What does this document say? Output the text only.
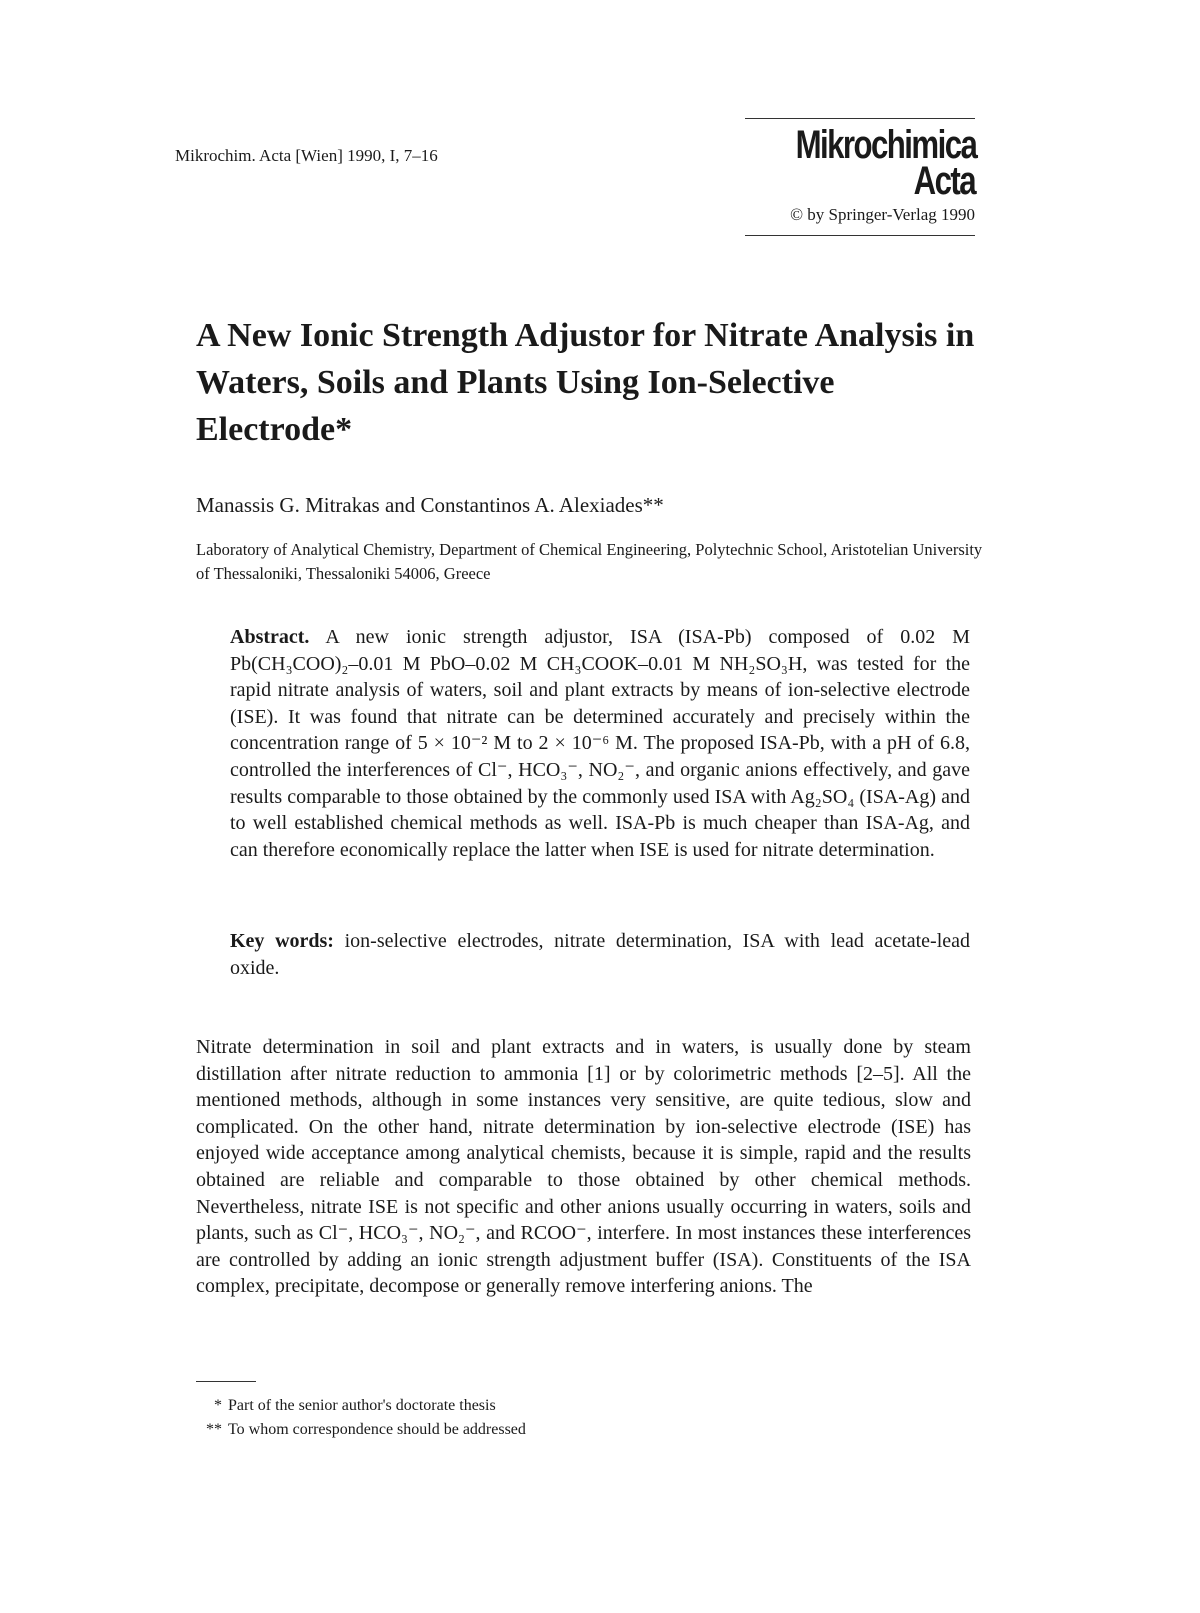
Mikrochim. Acta [Wien] 1990, I, 7–16	Mikrochimica
Acta
© by Springer-Verlag 1990
A New Ionic Strength Adjustor for Nitrate Analysis in Waters, Soils and Plants Using Ion-Selective Electrode*
Manassis G. Mitrakas and Constantinos A. Alexiades**
Laboratory of Analytical Chemistry, Department of Chemical Engineering, Polytechnic School, Aristotelian University of Thessaloniki, Thessaloniki 54006, Greece
Abstract. A new ionic strength adjustor, ISA (ISA-Pb) composed of 0.02 M Pb(CH₃COO)₂–0.01 M PbO–0.02 M CH₃COOK–0.01 M NH₂SO₃H, was tested for the rapid nitrate analysis of waters, soil and plant extracts by means of ion-selective electrode (ISE). It was found that nitrate can be determined accurately and precisely within the concentration range of 5 × 10⁻² M to 2 × 10⁻⁶ M. The proposed ISA-Pb, with a pH of 6.8, controlled the interferences of Cl⁻, HCO₃⁻, NO₂⁻, and organic anions effectively, and gave results comparable to those obtained by the commonly used ISA with Ag₂SO₄ (ISA-Ag) and to well established chemical methods as well. ISA-Pb is much cheaper than ISA-Ag, and can therefore economically replace the latter when ISE is used for nitrate determination.
Key words: ion-selective electrodes, nitrate determination, ISA with lead acetate-lead oxide.
Nitrate determination in soil and plant extracts and in waters, is usually done by steam distillation after nitrate reduction to ammonia [1] or by colorimetric methods [2–5]. All the mentioned methods, although in some instances very sensitive, are quite tedious, slow and complicated. On the other hand, nitrate determination by ion-selective electrode (ISE) has enjoyed wide acceptance among analytical chemists, because it is simple, rapid and the results obtained are reliable and comparable to those obtained by other chemical methods. Nevertheless, nitrate ISE is not specific and other anions usually occurring in waters, soils and plants, such as Cl⁻, HCO₃⁻, NO₂⁻, and RCOO⁻, interfere. In most instances these interferences are controlled by adding an ionic strength adjustment buffer (ISA). Constituents of the ISA complex, precipitate, decompose or generally remove interfering anions. The
* Part of the senior author's doctorate thesis
** To whom correspondence should be addressed
